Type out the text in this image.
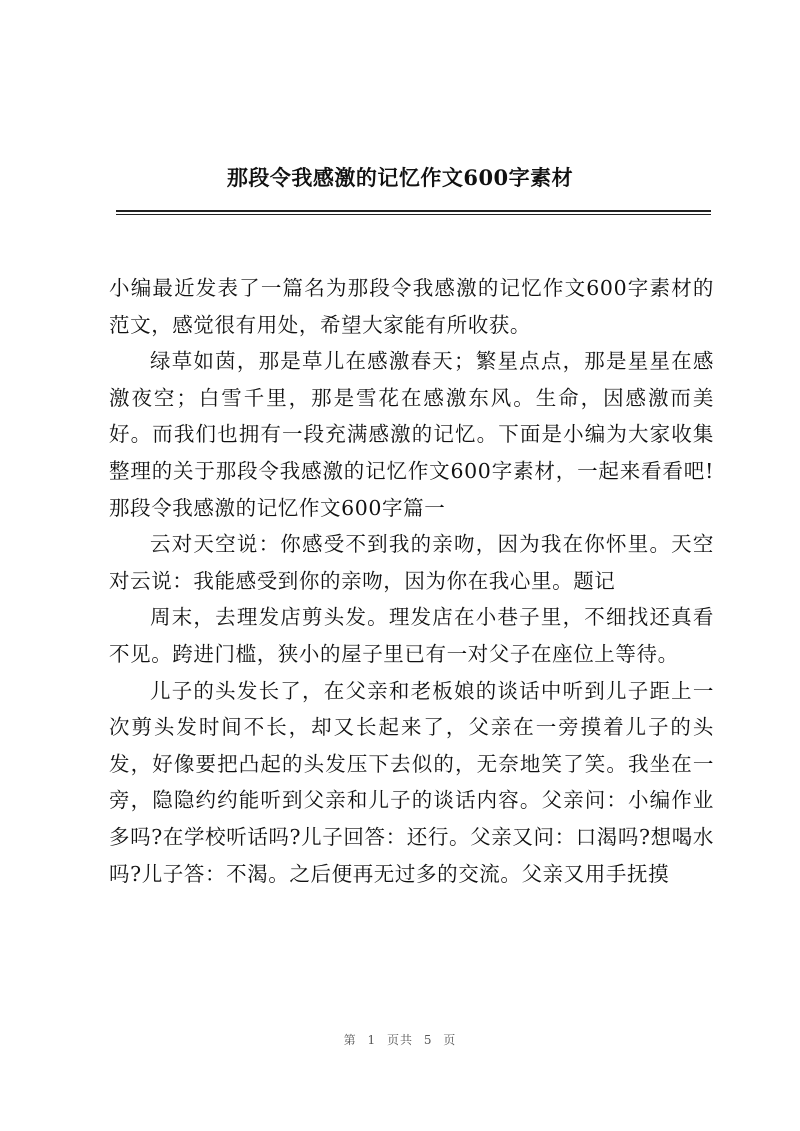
那段令我感激的记忆作文600字素材

小编最近发表了一篇名为那段令我感激的记忆作文600字素材的范文，感觉很有用处，希望大家能有所收获。

绿草如茵，那是草儿在感激春天；繁星点点，那是星星在感激夜空；白雪千里，那是雪花在感激东风。生命，因感激而美好。而我们也拥有一段充满感激的记忆。下面是小编为大家收集整理的关于那段令我感激的记忆作文600字素材，一起来看看吧!那段令我感激的记忆作文600字篇一

云对天空说：你感受不到我的亲吻，因为我在你怀里。天空对云说：我能感受到你的亲吻，因为你在我心里。题记

周末，去理发店剪头发。理发店在小巷子里，不细找还真看不见。跨进门槛，狭小的屋子里已有一对父子在座位上等待。

儿子的头发长了，在父亲和老板娘的谈话中听到儿子距上一次剪头发时间不长，却又长起来了，父亲在一旁摸着儿子的头发，好像要把凸起的头发压下去似的，无奈地笑了笑。我坐在一旁，隐隐约约能听到父亲和儿子的谈话内容。父亲问：小编作业多吗?在学校听话吗?儿子回答：还行。父亲又问：口渴吗?想喝水吗?儿子答：不渴。之后便再无过多的交流。父亲又用手抚摸

第 1 页共 5 页
